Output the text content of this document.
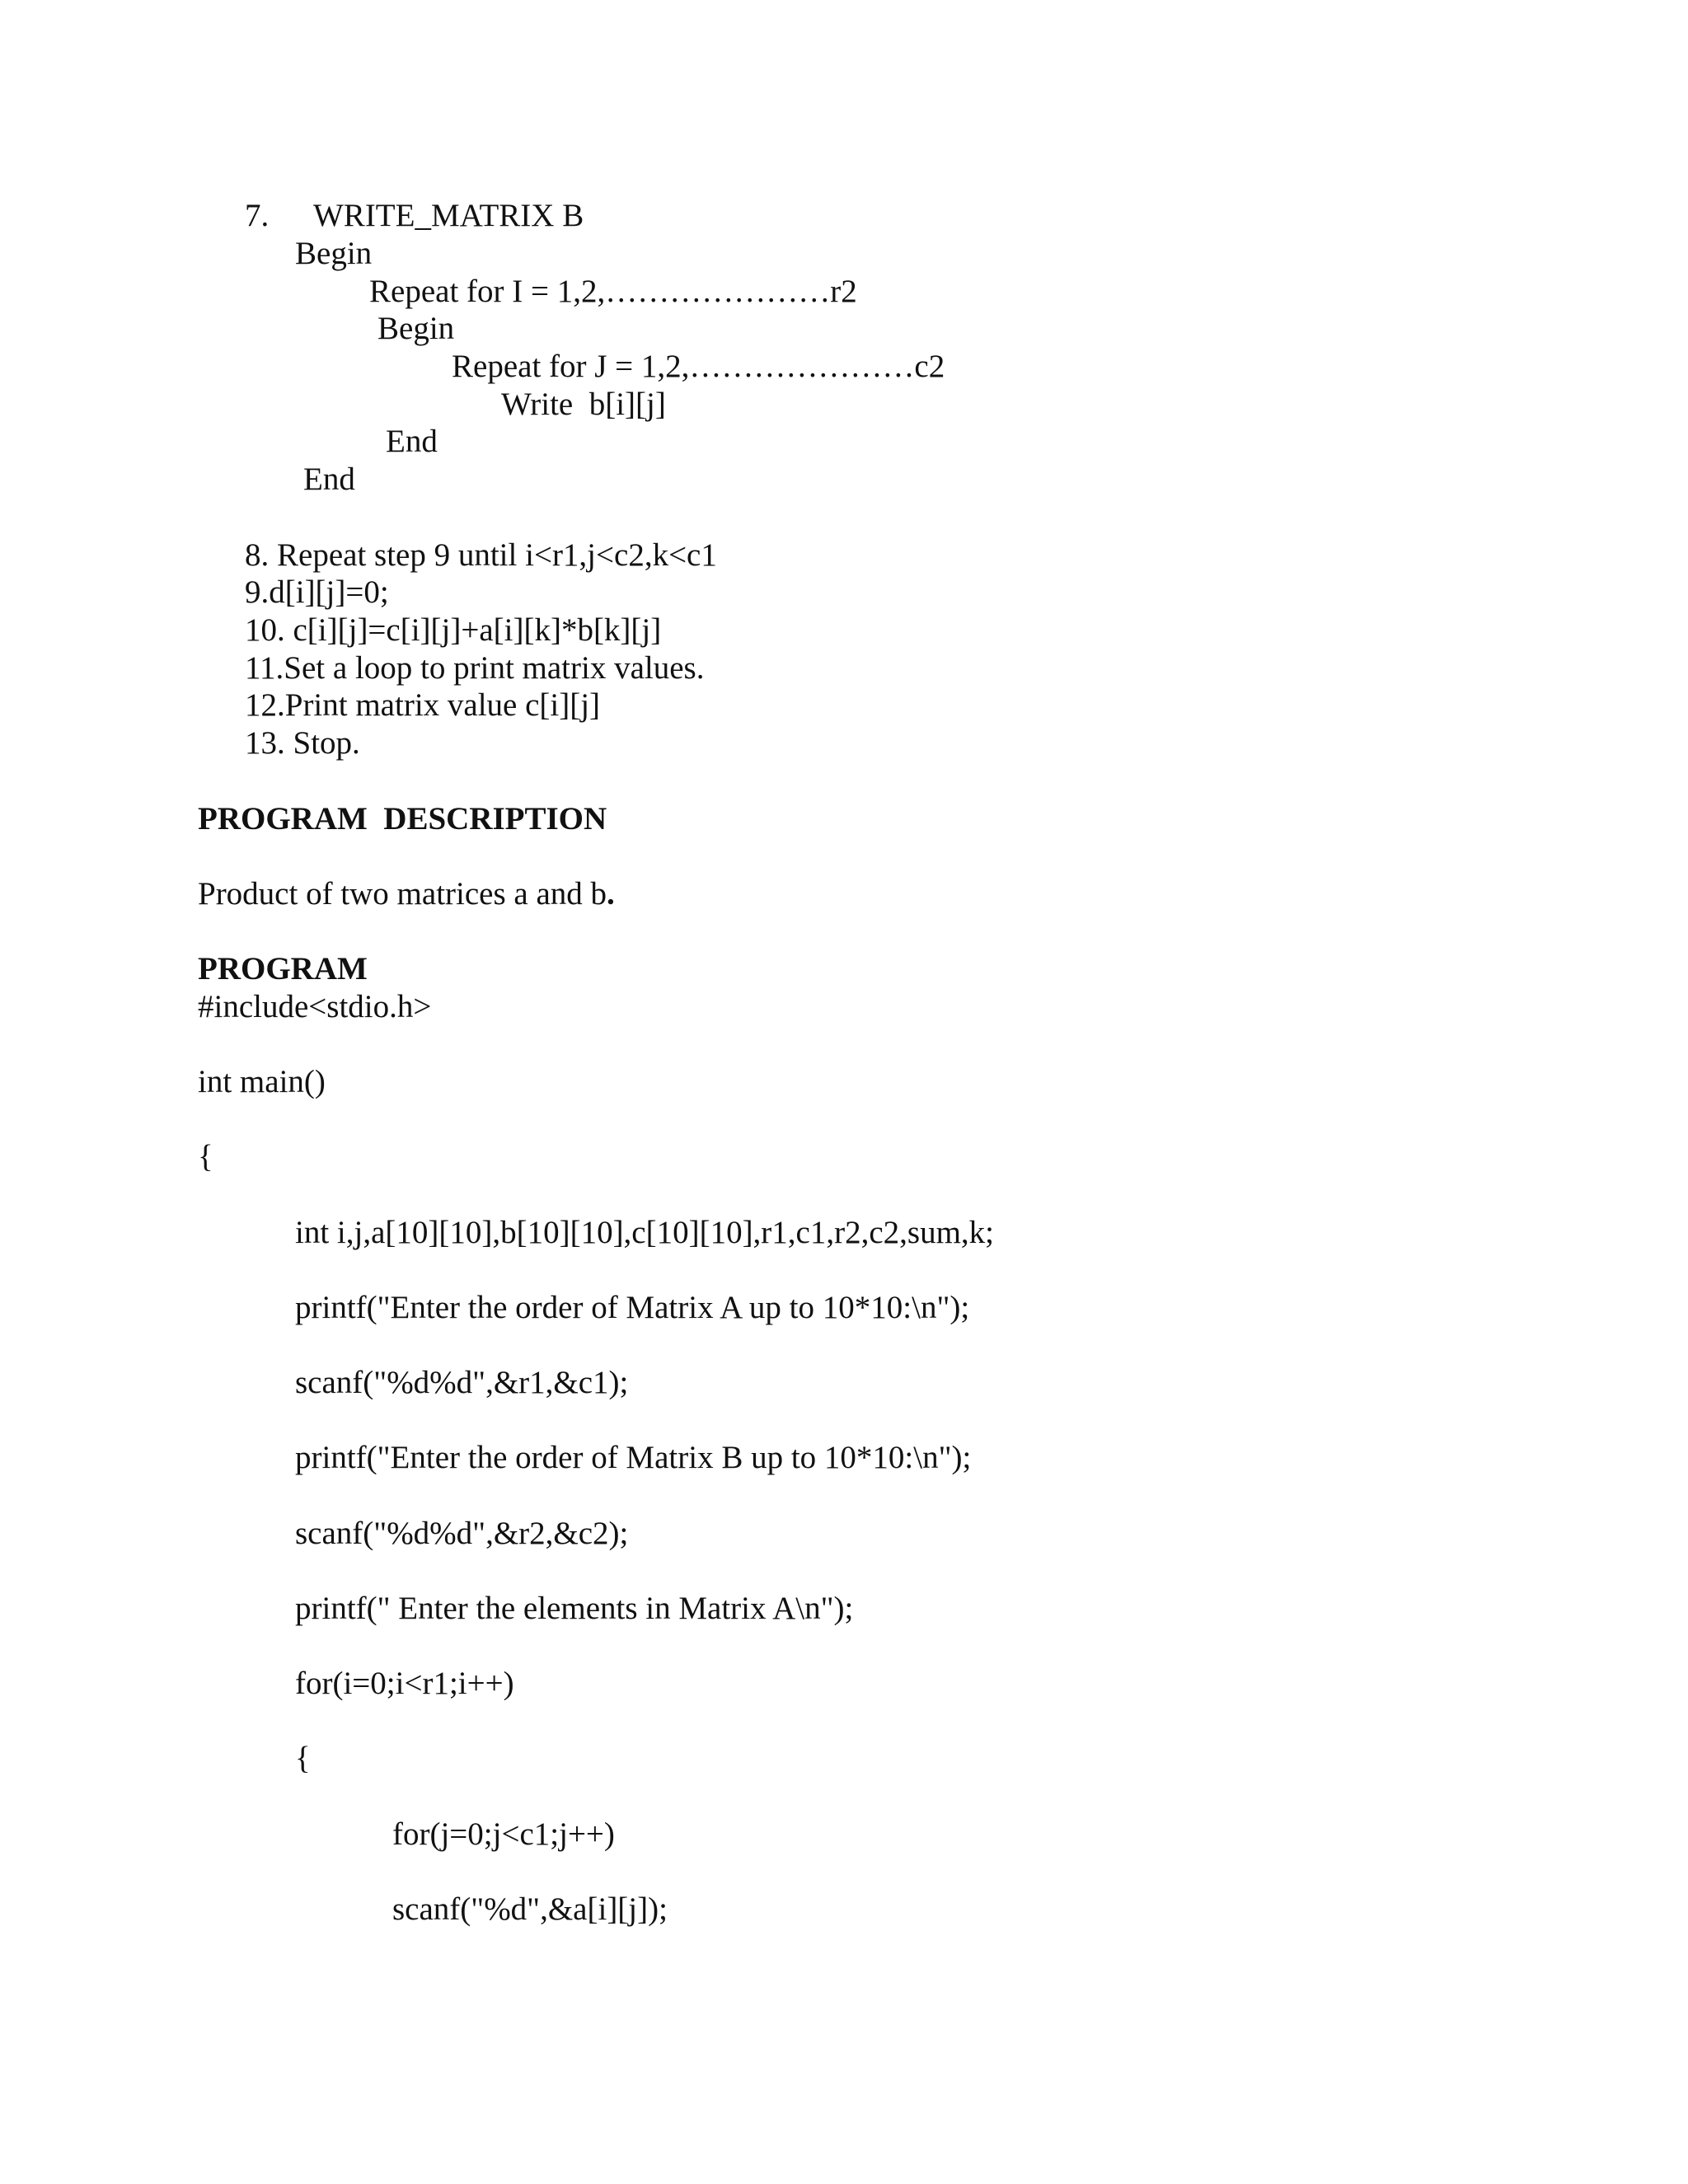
7. WRITE_MATRIX B

Begin

Repeat for I = 1,2,…………………r2

Begin

Repeat for J = 1,2,…………………c2

Write  b[i][j]

End

End

8. Repeat step 9 until i<r1,j<c2,k<c1

9.d[i][j]=0;

10. c[i][j]=c[i][j]+a[i][k]*b[k][j]

11.Set a loop to print matrix values.

12.Print matrix value c[i][j]

13. Stop.

PROGRAM  DESCRIPTION

Product of two matrices a and b.

PROGRAM

#include<stdio.h>

int main()

{

int i,j,a[10][10],b[10][10],c[10][10],r1,c1,r2,c2,sum,k;

printf("Enter the order of Matrix A up to 10*10:\n");

scanf("%d%d",&r1,&c1);

printf("Enter the order of Matrix B up to 10*10:\n");

scanf("%d%d",&r2,&c2);

printf(" Enter the elements in Matrix A\n");

for(i=0;i<r1;i++)

{

for(j=0;j<c1;j++)

scanf("%d",&a[i][j]);
